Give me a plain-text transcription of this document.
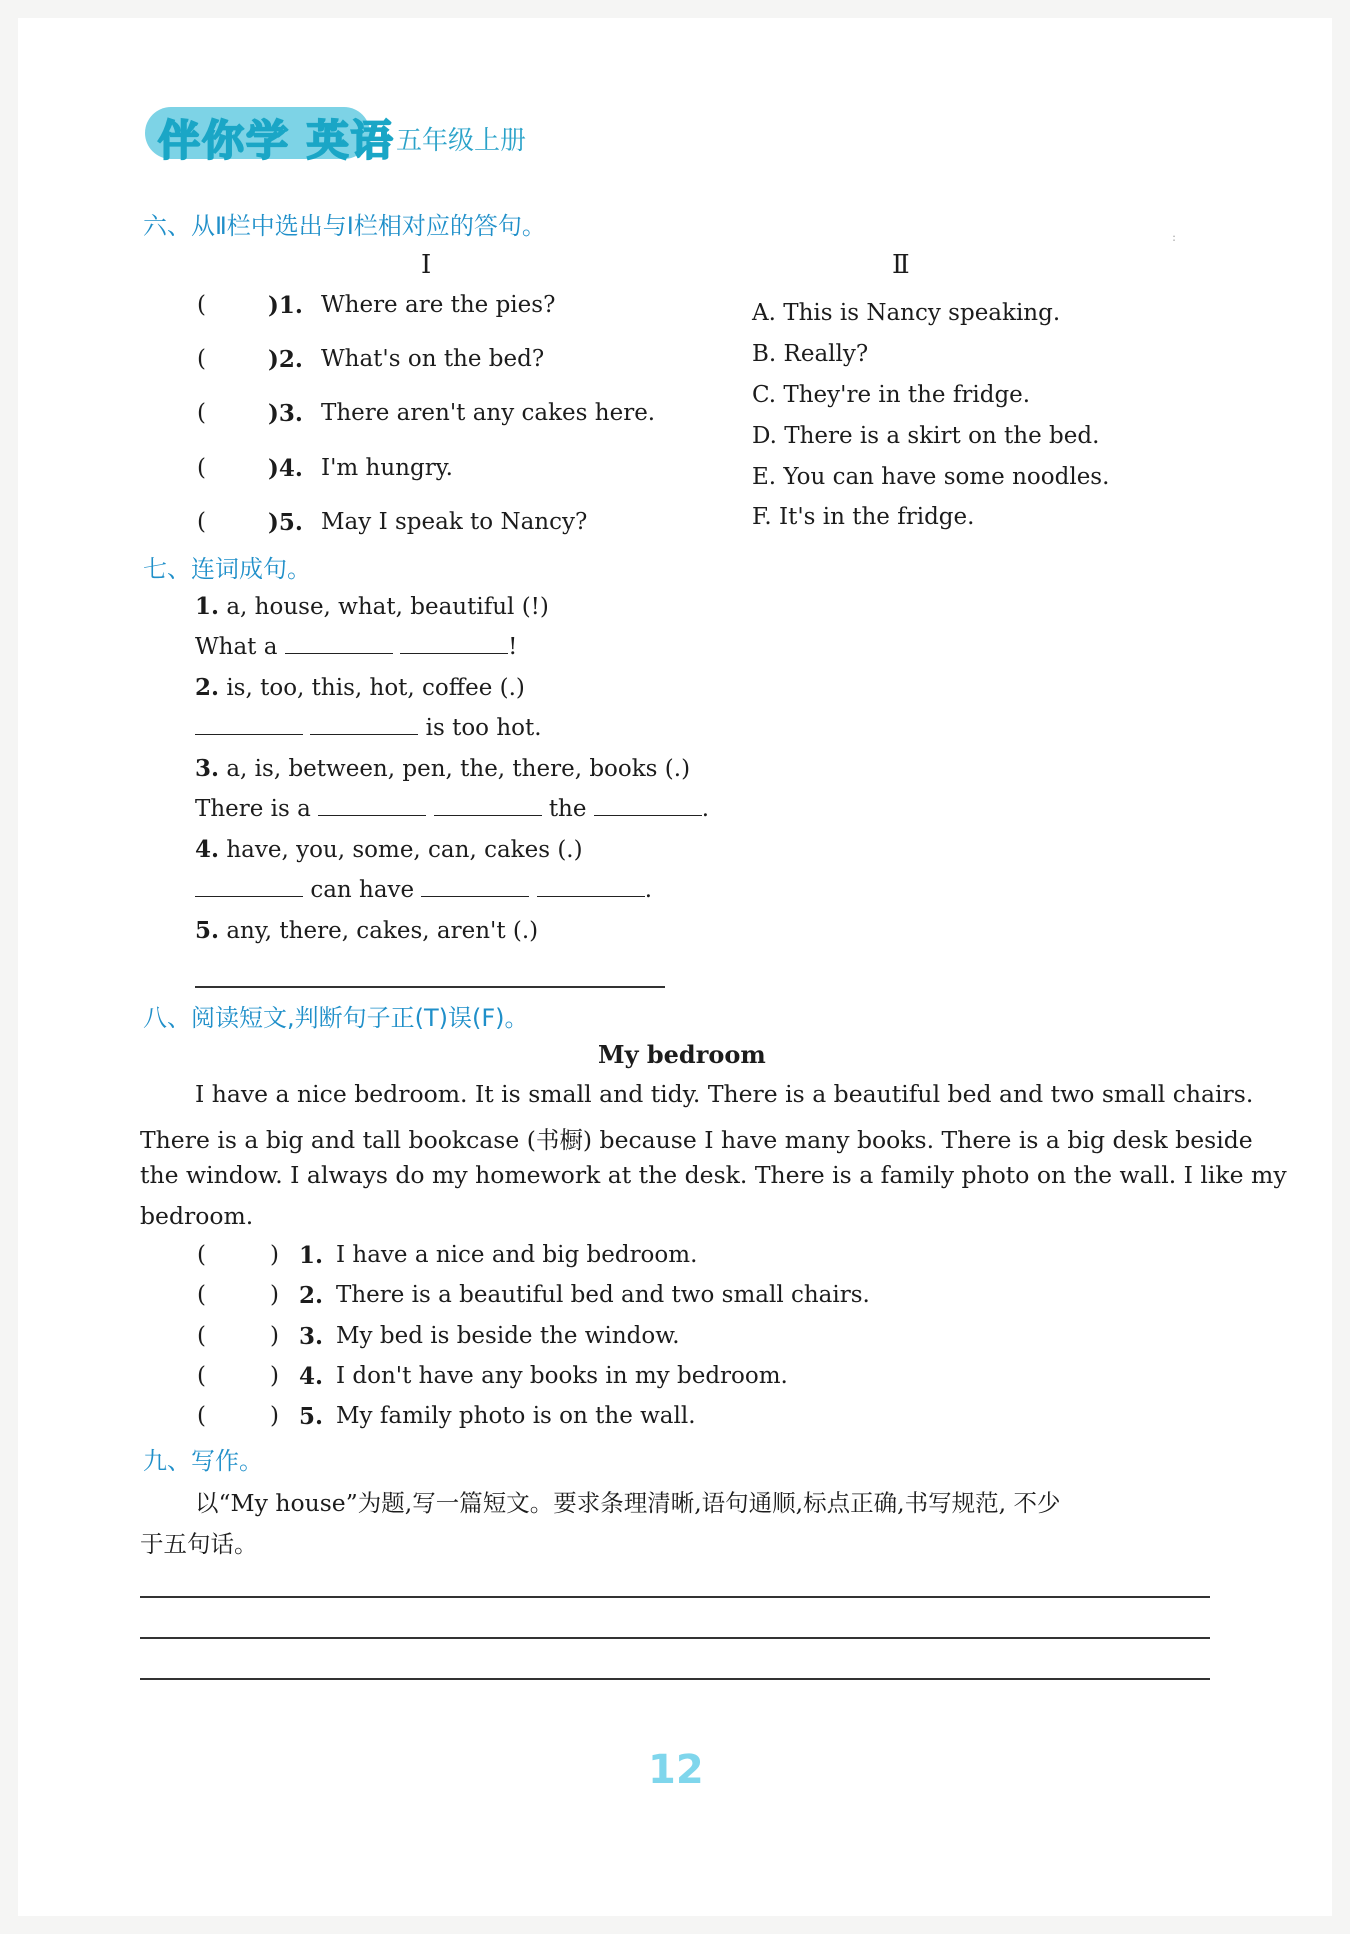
伴你学 英语 五年级上册
:
六、从Ⅱ栏中选出与Ⅰ栏相对应的答句。
Ⅰ	Ⅱ
(	)1. Where are the pies?
(	)2. What's on the bed?
(	)3. There aren't any cakes here.
(	)4. I'm hungry.
(	)5. May I speak to Nancy?
A. This is Nancy speaking.
B. Really?
C. They're in the fridge.
D. There is a skirt on the bed.
E. You can have some noodles.
F. It's in the fridge.
七、连词成句。
1. a, house, what, beautiful (!)
What a	!
2. is, too, this, hot, coffee (.)
is too hot.
3. a, is, between, pen, the, there, books (.)
There is a	the	.
4. have, you, some, can, cakes (.)
can have	.
5. any, there, cakes, aren't (.)
八、阅读短文,判断句子正(T)误(F)。
My bedroom
I have a nice bedroom. It is small and tidy. There is a beautiful bed and two small chairs.
There is a big and tall bookcase (书橱) because I have many books. There is a big desk beside
the window. I always do my homework at the desk. There is a family photo on the wall. I like my
bedroom.
(	) 1. I have a nice and big bedroom.
(	) 2. There is a beautiful bed and two small chairs.
(	) 3. My bed is beside the window.
(	) 4. I don't have any books in my bedroom.
(	) 5. My family photo is on the wall.
九、写作。
以“My house”为题,写一篇短文。要求条理清晰,语句通顺,标点正确,书写规范, 不少
于五句话。
12
